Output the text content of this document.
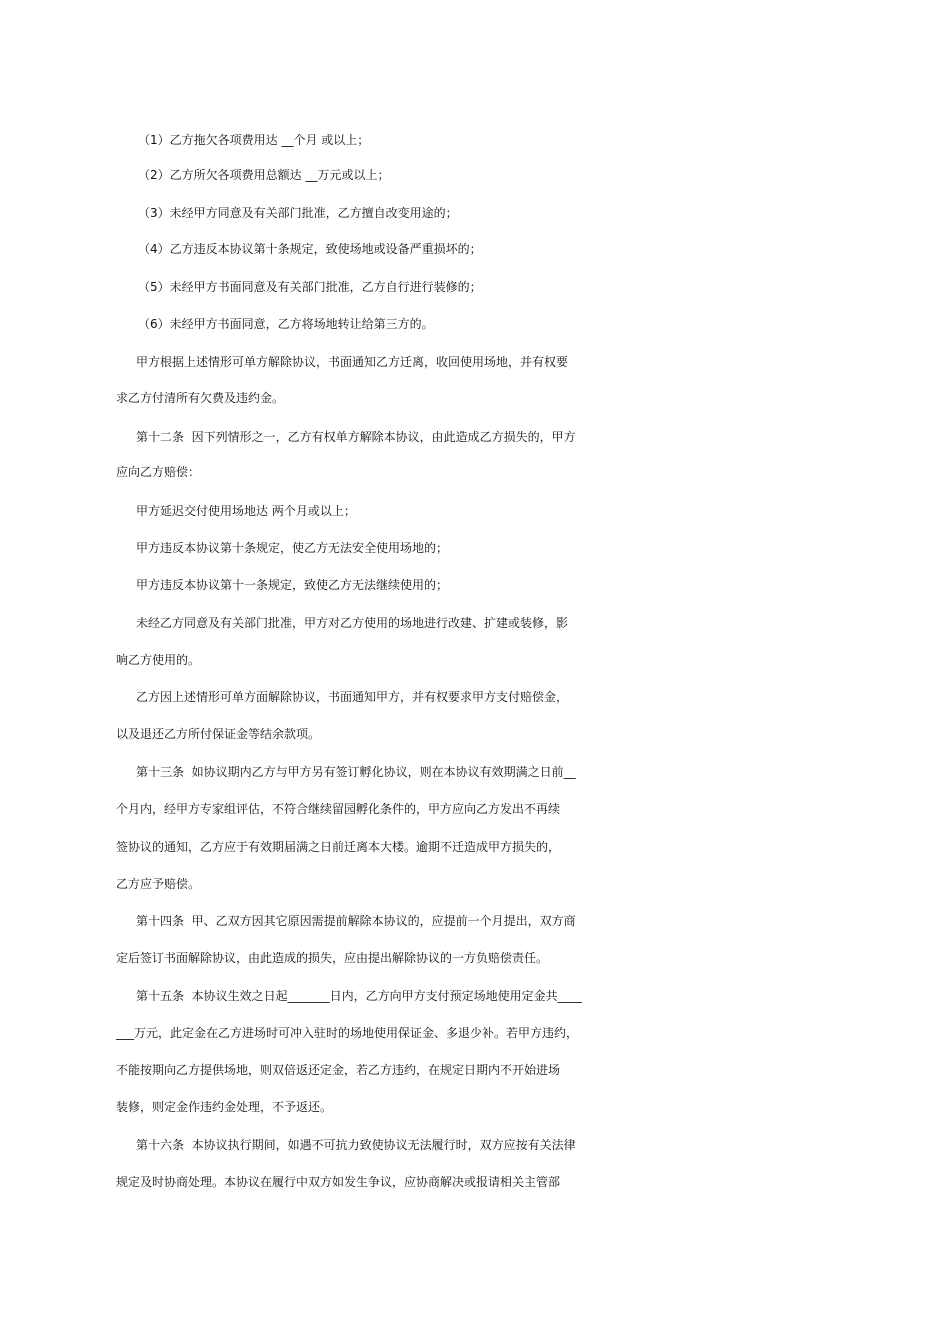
（1）乙方拖欠各项费用达 __个月 或以上；
（2）乙方所欠各项费用总额达 __万元或以上；
（3）未经甲方同意及有关部门批准，乙方擅自改变用途的；
（4）乙方违反本协议第十条规定，致使场地或设备严重损坏的；
（5）未经甲方书面同意及有关部门批准，乙方自行进行装修的；
（6）未经甲方书面同意，乙方将场地转让给第三方的。
甲方根据上述情形可单方解除协议，书面通知乙方迁离，收回使用场地，并有权要
求乙方付清所有欠费及违约金。
第十二条  因下列情形之一，乙方有权单方解除本协议，由此造成乙方损失的，甲方
应向乙方赔偿：
甲方延迟交付使用场地达 两个月或以上；
甲方违反本协议第十条规定，使乙方无法安全使用场地的；
甲方违反本协议第十一条规定，致使乙方无法继续使用的；
未经乙方同意及有关部门批准，甲方对乙方使用的场地进行改建、扩建或装修，影
响乙方使用的。
乙方因上述情形可单方面解除协议，书面通知甲方，并有权要求甲方支付赔偿金，
以及退还乙方所付保证金等结余款项。
第十三条  如协议期内乙方与甲方另有签订孵化协议，则在本协议有效期满之日前__
个月内，经甲方专家组评估，不符合继续留园孵化条件的，甲方应向乙方发出不再续
签协议的通知，乙方应于有效期届满之日前迁离本大楼。逾期不迁造成甲方损失的，
乙方应予赔偿。
第十四条  甲、乙双方因其它原因需提前解除本协议的，应提前一个月提出，双方商
定后签订书面解除协议，由此造成的损失，应由提出解除协议的一方负赔偿责任。
第十五条  本协议生效之日起_______日内，乙方向甲方支付预定场地使用定金共____
___万元，此定金在乙方进场时可冲入驻时的场地使用保证金、多退少补。若甲方违约，
不能按期向乙方提供场地，则双倍返还定金，若乙方违约，在规定日期内不开始进场
装修，则定金作违约金处理，不予返还。
第十六条  本协议执行期间，如遇不可抗力致使协议无法履行时，双方应按有关法律
规定及时协商处理。本协议在履行中双方如发生争议，应协商解决或报请相关主管部
